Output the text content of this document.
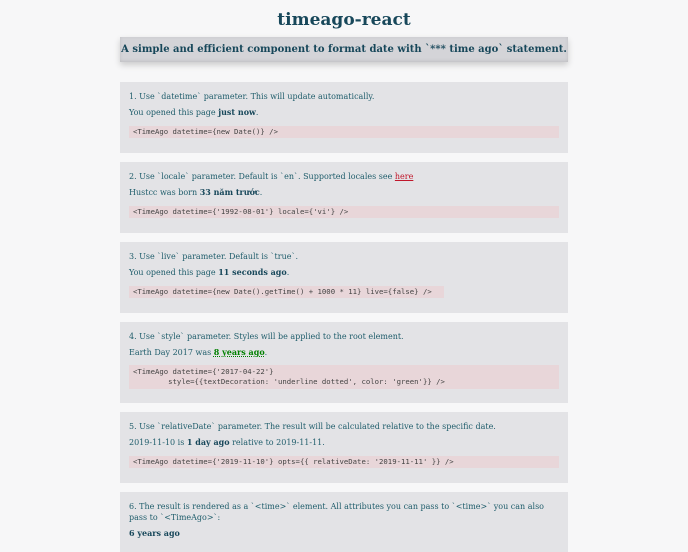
timeago-react
A simple and efficient component to format date with `*** time ago` statement.

1. Use `datetime` parameter. This will update automatically.

You opened this page just now.

<TimeAgo datetime={new Date()} />

2. Use `locale` parameter. Default is `en`. Supported locales see here

Hustcc was born 33 năm trước.

<TimeAgo datetime={'1992-08-01'} locale={'vi'} />

3. Use `live` parameter. Default is `true`.

You opened this page 11 seconds ago.

<TimeAgo datetime={new Date().getTime() + 1000 * 11} live={false} />

4. Use `style` parameter. Styles will be applied to the root element.

Earth Day 2017 was 8 years ago.

<TimeAgo datetime={'2017-04-22'}
style={{textDecoration: 'underline dotted', color: 'green'}} />

5. Use `relativeDate` parameter. The result will be calculated relative to the specific date.

2019-11-10 is 1 day ago relative to 2019-11-11.

<TimeAgo datetime={'2019-11-10'} opts={{ relativeDate: '2019-11-11' }} />

6. The result is rendered as a `<time>` element. All attributes you can pass to `<time>` you can also pass to `<TimeAgo>`:

6 years ago
